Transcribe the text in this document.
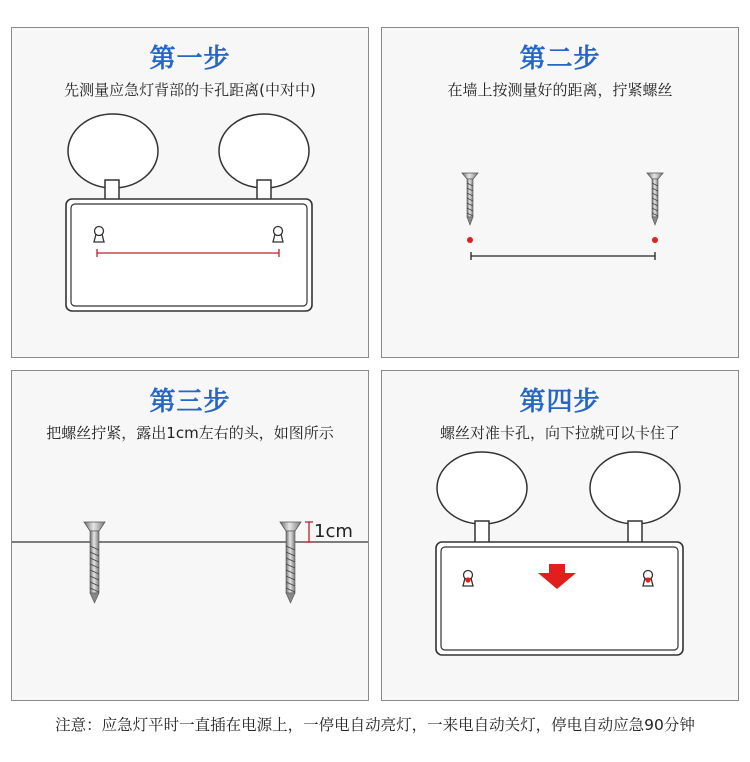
第一步
先测量应急灯背部的卡孔距离(中对中)
第二步
在墙上按测量好的距离，拧紧螺丝
第三步
把螺丝拧紧，露出1cm左右的头，如图所示
1cm
第四步
螺丝对准卡孔，向下拉就可以卡住了
注意：应急灯平时一直插在电源上，一停电自动亮灯，一来电自动关灯，停电自动应急90分钟
